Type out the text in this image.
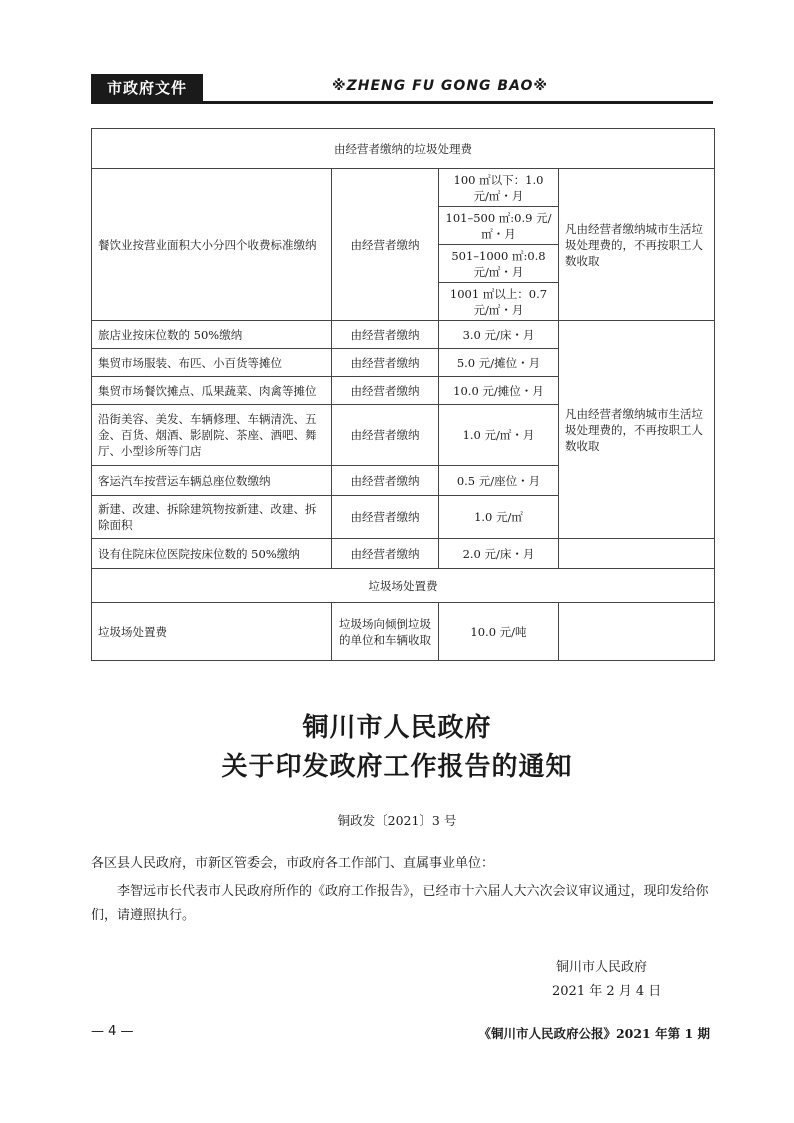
市政府文件	※ZHENG FU GONG BAO※
由经营者缴纳的垃圾处理费			
餐饮业按营业面积大小分四个收费标准缴纳	由经营者缴纳	100 ㎡以下：1.0 元/㎡・月	凡由经营者缴纳城市生活垃圾处理费的，不再按职工人数收取
		101–500 ㎡:0.9 元/㎡・月	
		501–1000 ㎡:0.8 元/㎡・月	
		1001 ㎡以上：0.7 元/㎡・月	
旅店业按床位数的 50%缴纳	由经营者缴纳	3.0 元/床・月	凡由经营者缴纳城市生活垃圾处理费的，不再按职工人数收取
集贸市场服装、布匹、小百货等摊位	由经营者缴纳	5.0 元/摊位・月	
集贸市场餐饮摊点、瓜果蔬菜、肉禽等摊位	由经营者缴纳	10.0 元/摊位・月	
沿街美容、美发、车辆修理、车辆清洗、五金、百货、烟酒、影剧院、茶座、酒吧、舞厅、小型诊所等门店	由经营者缴纳	1.0 元/㎡・月	
客运汽车按营运车辆总座位数缴纳	由经营者缴纳	0.5 元/座位・月	
新建、改建、拆除建筑物按新建、改建、拆除面积	由经营者缴纳	1.0 元/㎡	
设有住院床位医院按床位数的 50%缴纳	由经营者缴纳	2.0 元/床・月	
垃圾场处置费			
垃圾场处置费	垃圾场向倾倒垃圾的单位和车辆收取	10.0 元/吨	
铜川市人民政府
关于印发政府工作报告的通知
铜政发〔2021〕3 号
各区县人民政府，市新区管委会，市政府各工作部门、直属事业单位：
李智远市长代表市人民政府所作的《政府工作报告》，已经市十六届人大六次会议审议通过，现印发给你们，请遵照执行。
铜川市人民政府
2021 年 2 月 4 日
— 4 —	《铜川市人民政府公报》2021 年第 1 期
